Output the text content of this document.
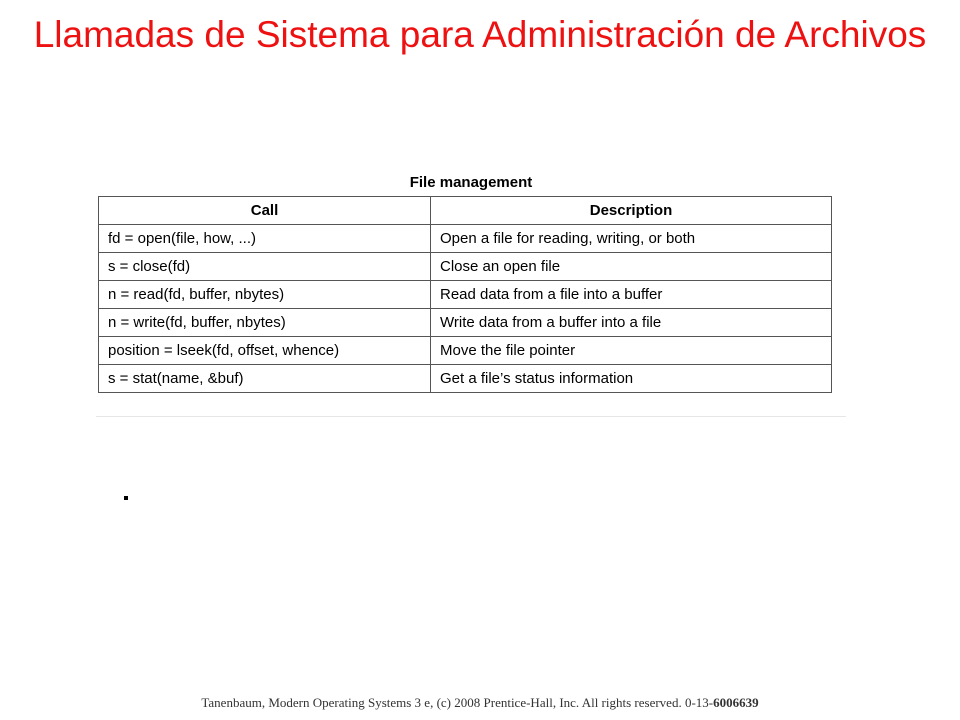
Llamadas de Sistema para Administración de Archivos
File management
Call	Description
fd = open(file, how, ...)	Open a file for reading, writing, or both
s = close(fd)	Close an open file
n = read(fd, buffer, nbytes)	Read data from a file into a buffer
n = write(fd, buffer, nbytes)	Write data from a buffer into a file
position = lseek(fd, offset, whence)	Move the file pointer
s = stat(name, &buf)	Get a file’s status information
Tanenbaum, Modern Operating Systems 3 e, (c) 2008 Prentice-Hall, Inc. All rights reserved. 0-13-6006639
